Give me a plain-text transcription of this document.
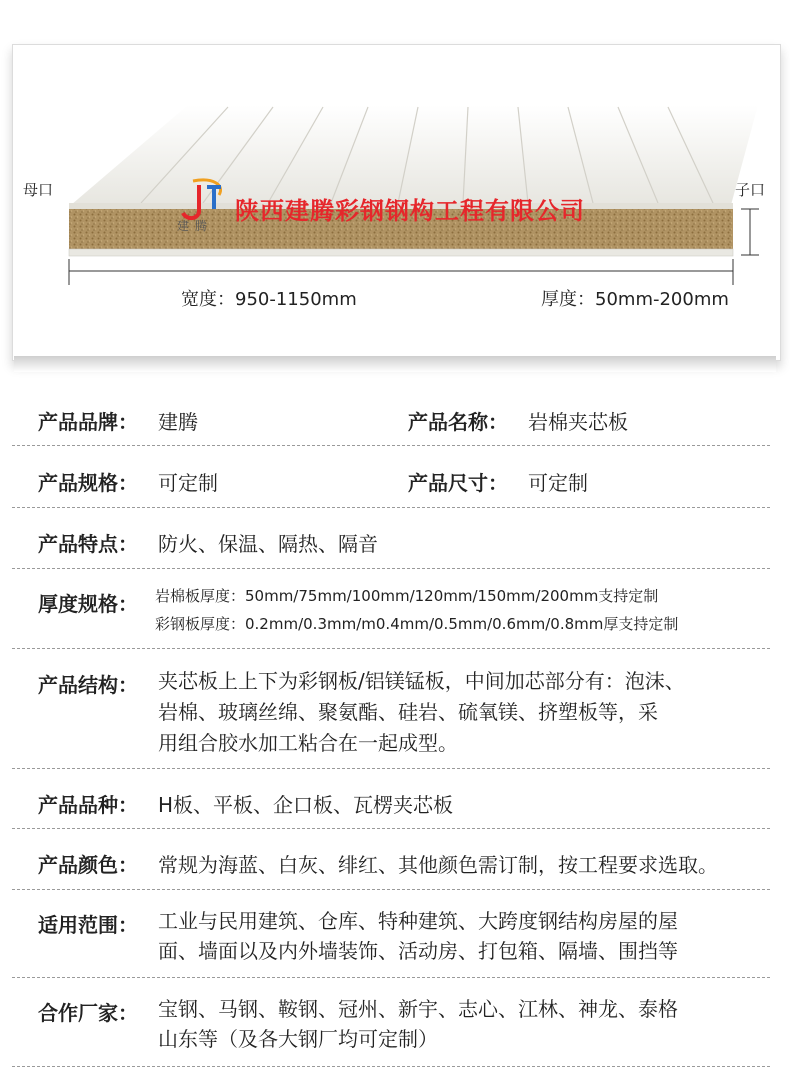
母口	子口
建腾
陕西建腾彩钢钢构工程有限公司
宽度：950-1150mm	厚度：50mm-200mm
产品品牌： 建腾	产品名称： 岩棉夹芯板
产品规格： 可定制	产品尺寸： 可定制
产品特点： 防火、保温、隔热、隔音
厚度规格： 岩棉板厚度：50mm/75mm/100mm/120mm/150mm/200mm支持定制
彩钢板厚度：0.2mm/0.3mm/m0.4mm/0.5mm/0.6mm/0.8mm厚支持定制
产品结构： 夹芯板上上下为彩钢板/铝镁锰板，中间加芯部分有：泡沫、
岩棉、玻璃丝绵、聚氨酯、硅岩、硫氧镁、挤塑板等，采
用组合胶水加工粘合在一起成型。
产品品种： H板、平板、企口板、瓦楞夹芯板
产品颜色： 常规为海蓝、白灰、绯红、其他颜色需订制，按工程要求选取。
适用范围： 工业与民用建筑、仓库、特种建筑、大跨度钢结构房屋的屋
面、墙面以及内外墙装饰、活动房、打包箱、隔墙、围挡等
合作厂家： 宝钢、马钢、鞍钢、冠州、新宇、志心、江林、神龙、泰格
山东等（及各大钢厂均可定制）
